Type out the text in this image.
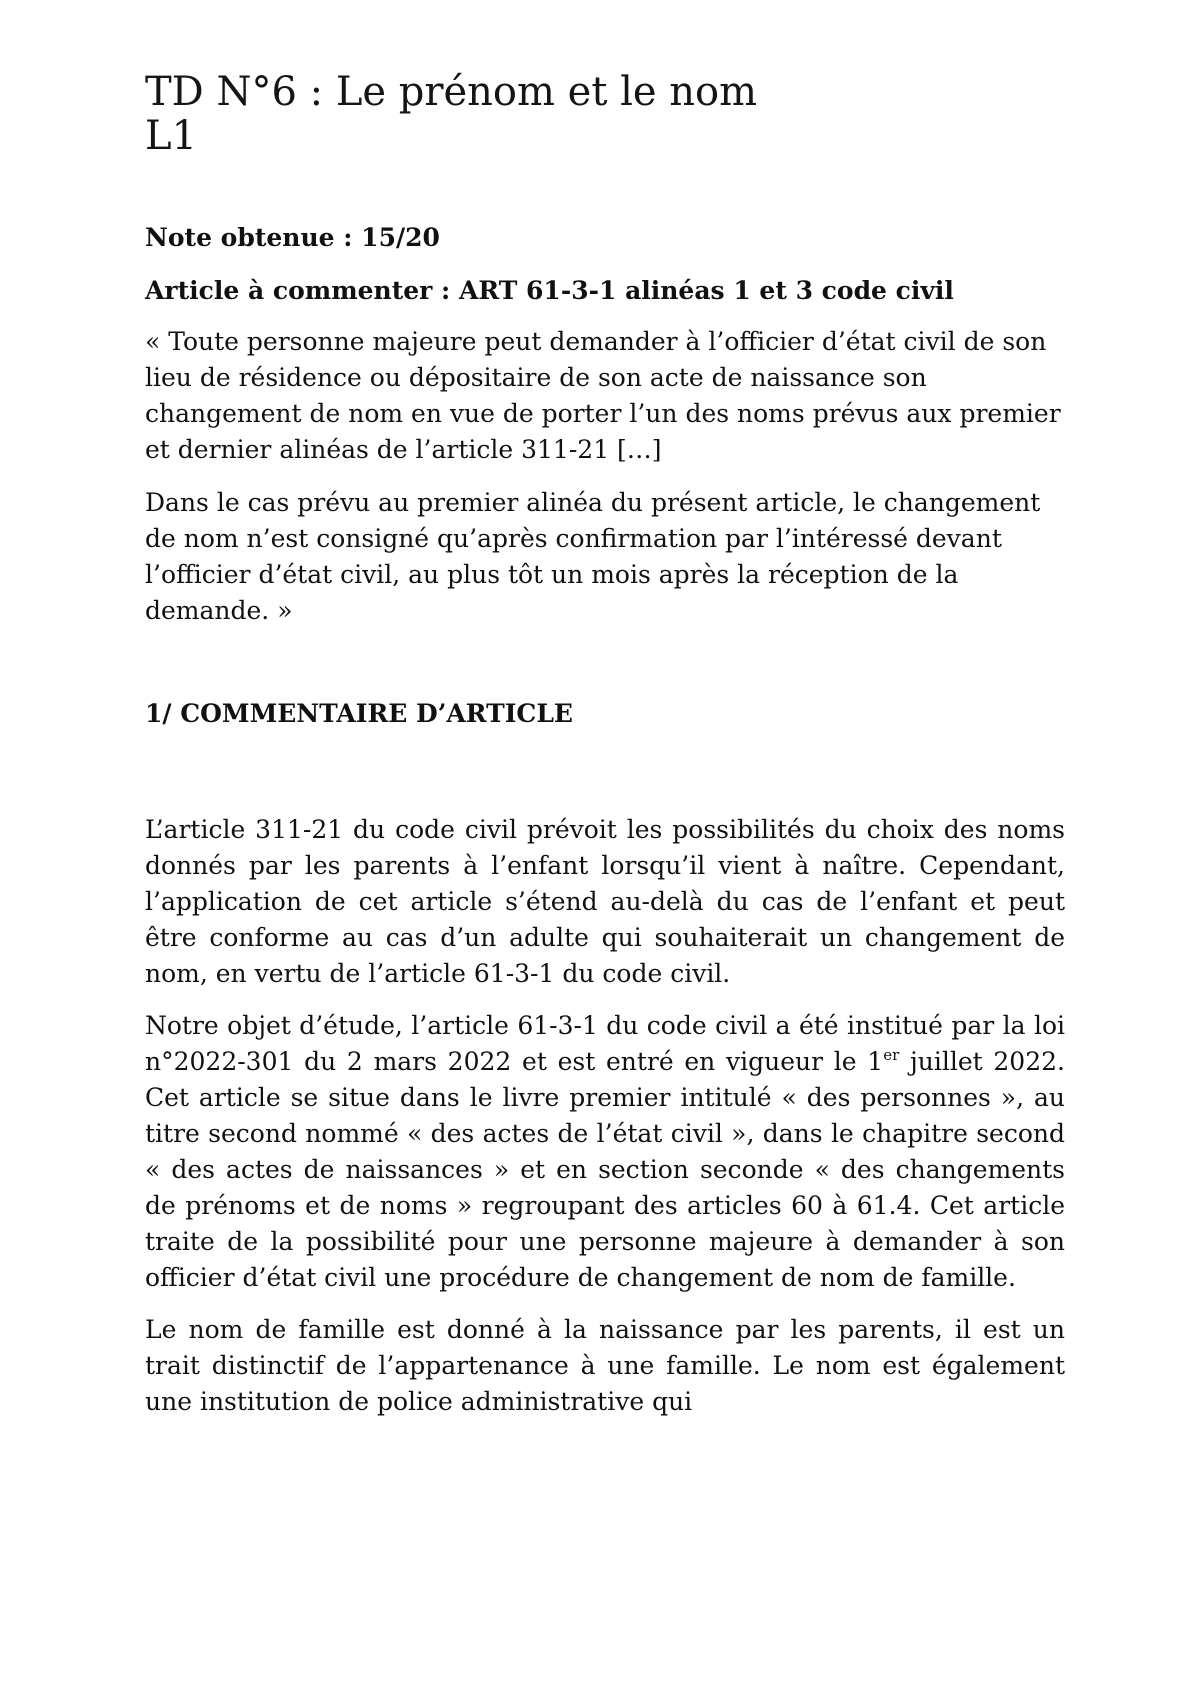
TD N°6 : Le prénom et le nom
L1

Note obtenue : 15/20

Article à commenter : ART 61-3-1 alinéas 1 et 3 code civil

« Toute personne majeure peut demander à l’officier d’état civil de son lieu de résidence ou dépositaire de son acte de naissance son changement de nom en vue de porter l’un des noms prévus aux premier et dernier alinéas de l’article 311-21 […]

Dans le cas prévu au premier alinéa du présent article, le changement de nom n’est consigné qu’après confirmation par l’intéressé devant l’officier d’état civil, au plus tôt un mois après la réception de la demande. »

1/ COMMENTAIRE D’ARTICLE

L’article 311-21 du code civil prévoit les possibilités du choix des noms donnés par les parents à l’enfant lorsqu’il vient à naître. Cependant, l’application de cet article s’étend au-delà du cas de l’enfant et peut être conforme au cas d’un adulte qui souhaiterait un changement de nom, en vertu de l’article 61-3-1 du code civil.

Notre objet d’étude, l’article 61-3-1 du code civil a été institué par la loi n°2022-301 du 2 mars 2022 et est entré en vigueur le 1er juillet 2022. Cet article se situe dans le livre premier intitulé « des personnes », au titre second nommé « des actes de l’état civil », dans le chapitre second « des actes de naissances » et en section seconde « des changements de prénoms et de noms » regroupant des articles 60 à 61.4. Cet article traite de la possibilité pour une personne majeure à demander à son officier d’état civil une procédure de changement de nom de famille.

Le nom de famille est donné à la naissance par les parents, il est un trait distinctif de l’appartenance à une famille. Le nom est également une institution de police administrative qui
